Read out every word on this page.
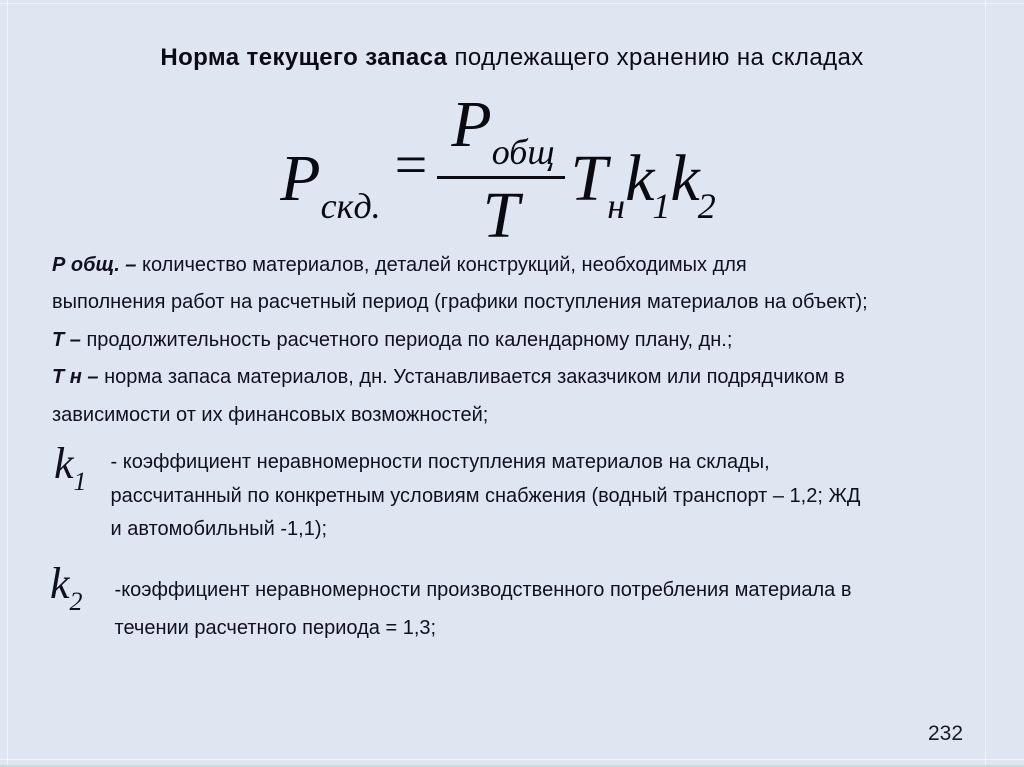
Норма текущего запаса подлежащего хранению на складах
Pскд.
= $\frac{\text{Pобщ}}{T} Tнk1k2$
Р общ. – количество материалов, деталей конструкций, необходимых для
выполнения работ на расчетный период (графики поступления материалов на объект);
Т – продолжительность расчетного периода по календарному плану, дн.;
Т н – норма запаса материалов, дн. Устанавливается заказчиком или подрядчиком в
зависимости от их финансовых возможностей;
$k_1$
- коэффициент неравномерности поступления материалов на склады,
рассчитанный по конкретным условиям снабжения (водный транспорт – 1,2; ЖД
и автомобильный -1,1);
$k_2$ -коэффициент неравномерности производственного потребления материала в
течении расчетного периода = 1,3;
232
